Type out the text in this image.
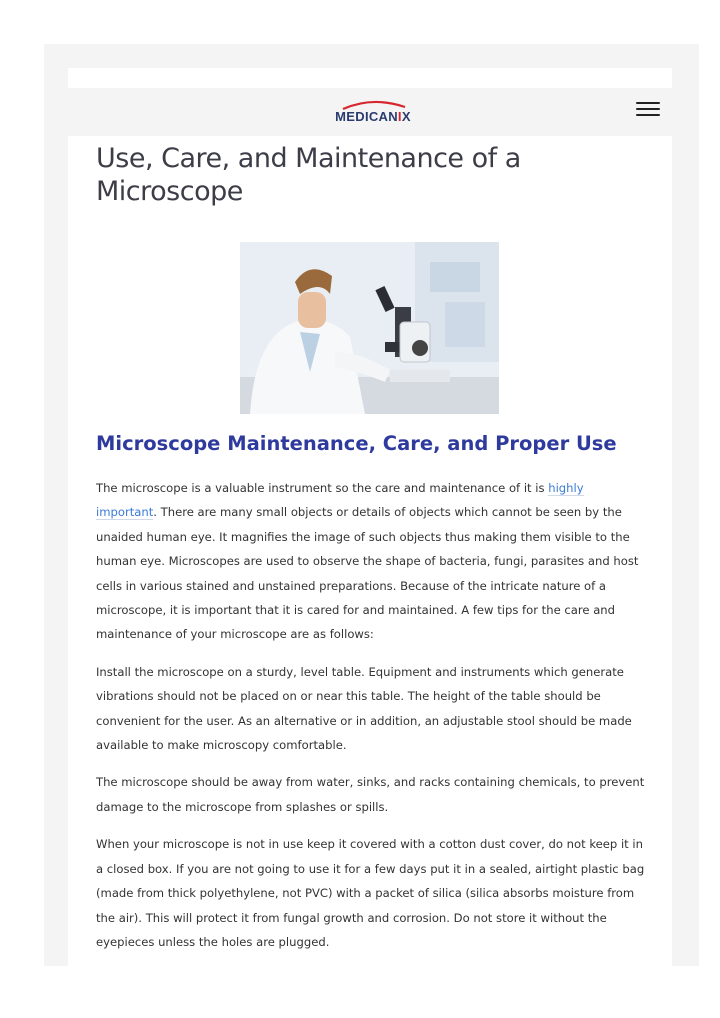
MEDICANIX
Use, Care, and Maintenance of a Microscope
Microscope Maintenance, Care, and Proper Use

The microscope is a valuable instrument so the care and maintenance of it is highly important. There are many small objects or details of objects which cannot be seen by the unaided human eye. It magnifies the image of such objects thus making them visible to the human eye. Microscopes are used to observe the shape of bacteria, fungi, parasites and host cells in various stained and unstained preparations. Because of the intricate nature of a microscope, it is important that it is cared for and maintained. A few tips for the care and maintenance of your microscope are as follows:

Install the microscope on a sturdy, level table. Equipment and instruments which generate vibrations should not be placed on or near this table. The height of the table should be convenient for the user. As an alternative or in addition, an adjustable stool should be made available to make microscopy comfortable.

The microscope should be away from water, sinks, and racks containing chemicals, to prevent damage to the microscope from splashes or spills.

When your microscope is not in use keep it covered with a cotton dust cover, do not keep it in a closed box. If you are not going to use it for a few days put it in a sealed, airtight plastic bag (made from thick polyethylene, not PVC) with a packet of silica (silica absorbs moisture from the air). This will protect it from fungal growth and corrosion. Do not store it without the eyepieces unless the holes are plugged.
